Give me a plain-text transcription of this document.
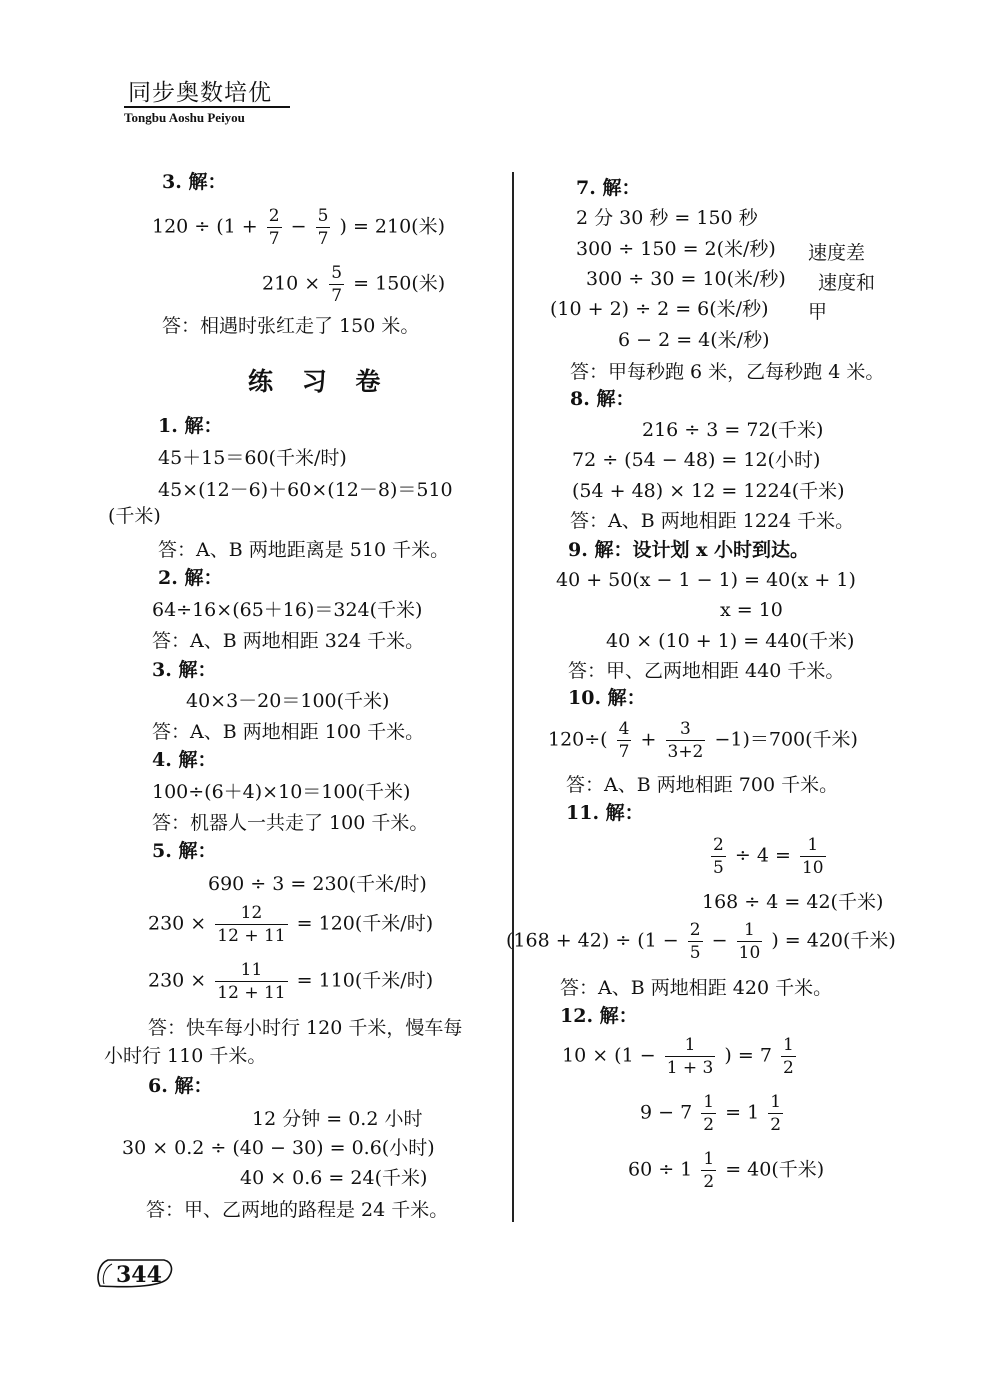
同步奥数培优
Tongbu Aoshu Peiyou
3. 解：
$120 \div (1 + \frac{2}{7} - \frac{5}{7}$ ) = 210(米)
$210 \times \frac{5}{7} = 150$(米)
答：相遇时张红走了 150 米。
练 习 卷
1. 解：
45＋15＝60(千米/时)
45×(12－6)＋60×(12－8)＝510
(千米)
答：A、B 两地距离是 510 千米。
2. 解：
64÷16×(65＋16)＝324(千米)
答：A、B 两地相距 324 千米。
3. 解：
40×3－20＝100(千米)
答：A、B 两地相距 100 千米。
4. 解：
100÷(6＋4)×10＝100(千米)
答：机器人一共走了 100 千米。
5. 解：
690 ÷ 3 = 230(千米/时)
$230 \times \frac{12}{12 + 11} = 120$(千米/时)
$230 \times \frac{11}{12 + 11} = 110$(千米/时)
答：快车每小时行 120 千米，慢车每
小时行 110 千米。
6. 解：
12 分钟 = 0.2 小时
30 × 0.2 ÷ (40 − 30) = 0.6(小时)
40 × 0.6 = 24(千米)
答：甲、乙两地的路程是 24 千米。
7. 解：
2 分 30 秒 = 150 秒
300 ÷ 150 = 2(米/秒) 速度差
300 ÷ 30 = 10(米/秒) 速度和
(10 + 2) ÷ 2 = 6(米/秒) 甲
6 − 2 = 4(米/秒)
答：甲每秒跑 6 米，乙每秒跑 4 米。
8. 解：
216 ÷ 3 = 72(千米)
72 ÷ (54 − 48) = 12(小时)
(54 + 48) × 12 = 1224(千米)
答：A、B 两地相距 1224 千米。
9. 解：设计划 x 小时到达。
40 + 50(x − 1 − 1) = 40(x + 1)
x = 10
40 × (10 + 1) = 440(千米)
答：甲、乙两地相距 440 千米。
10. 解：
$120\div( \frac{4}{7} + \frac{3}{3+2} -1)=700$(千米)
答：A、B 两地相距 700 千米。
11. 解：
$\frac{2}{5} \div 4 = \frac{1}{10}$
168 ÷ 4 = 42(千米)
$(168 + 42) \div (1 - \frac{2}{5} - \frac{1}{10}$ ) = 420(千米)
答：A、B 两地相距 420 千米。
12. 解：
$10 \times (1 - \frac{1}{1 + 3}$ ) = $7 \frac{1}{2}$
$9 - 7 \frac{1}{2} = 1 \frac{1}{2}$
$60 \div 1 \frac{1}{2} = 40$(千米)
344
